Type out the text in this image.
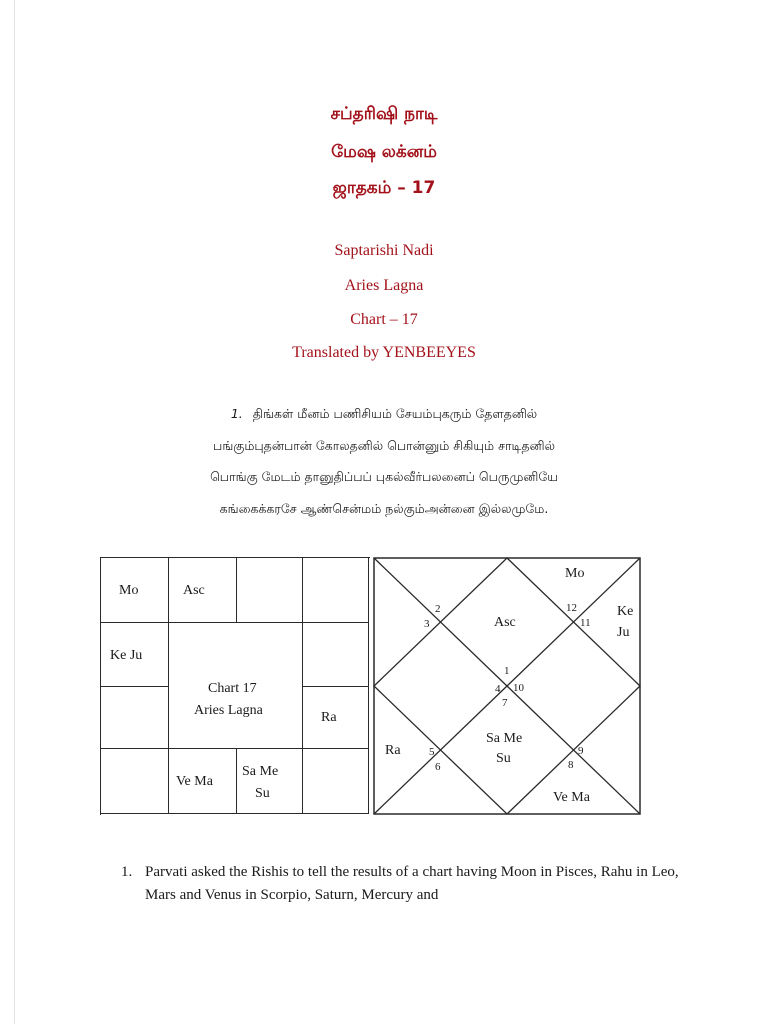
சப்தரிஷி நாடி
மேஷ லக்னம்
ஜாதகம் – 17
Saptarishi Nadi
Aries Lagna
Chart – 17
Translated by YENBEEYES
1. திங்கள் மீனம் பணிசியம் சேயம்புகரும் தேளதனில்
பங்கும்புதன்பான் கோலதனில் பொன்னும் சிகியும் சாடிதனில்
பொங்கு மேடம் தானுதிப்பப் புகல்வீர்பலனைப் பெருமுனியே
கங்கைக்கரசே ஆண்சென்மம் நல்கும்அன்னை இல்லமுமே.
Mo	Asc
Ke Ju
Chart 17
Aries Lagna	Ra
Ve Ma
Sa Me
Su
Asc
Mo
Ke
Ju
Sa Me
Su
Ra
Ve Ma
1
2
3
4
5
6
7
8
9
10
11
12
1. Parvati asked the Rishis to tell the results of a chart having Moon in Pisces, Rahu in Leo, Mars and Venus in Scorpio, Saturn, Mercury and
